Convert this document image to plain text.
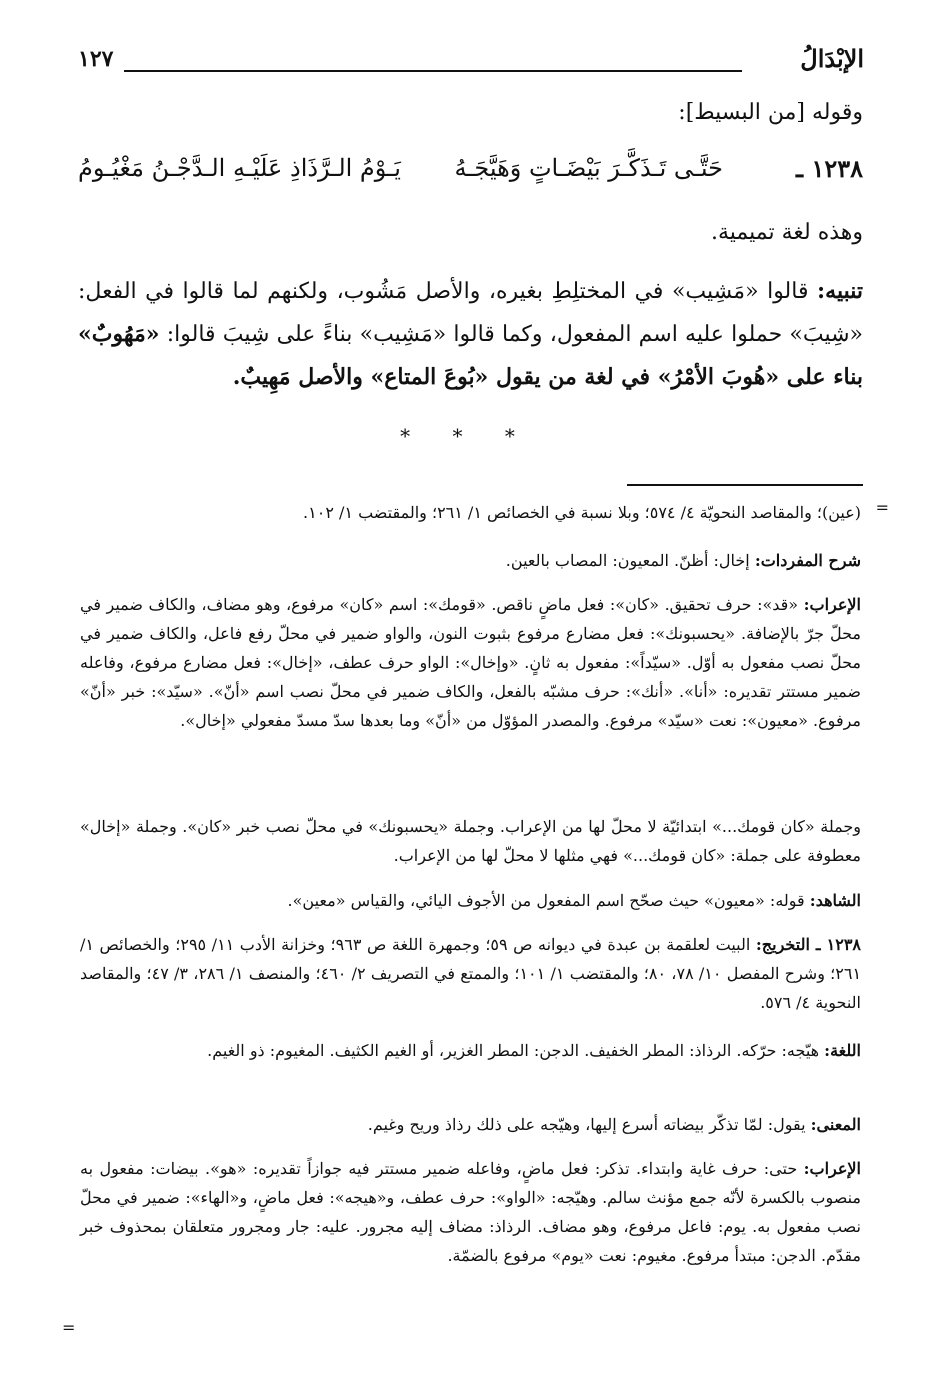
الإبْدَالُ
١٢٧
وقوله [من البسيط]:
١٢٣٨ ـ
حَتَّـى تَـذَكَّـرَ بَيْضَـاتٍ وَهَيَّجَـهُ
يَـوْمُ الـرَّذَاذِ عَلَيْـهِ الـدَّجْـنُ مَغْيُـومُ
وهذه لغة تميمية.
تنبيه: قالوا «مَشِيب» في المختلِطِ بغيره، والأصل مَشُوب، ولكنهم لما قالوا في الفعل: «شِيبَ» حملوا عليه اسم المفعول، وكما قالوا «مَشِيب» بناءً على شِيبَ قالوا: «مَهُوبٌ» بناء على «هُوبَ الأمْرُ» في لغة من يقول «بُوعَ المتاع» والأصل مَهِيبٌ.
* * *
=
(عين)؛ والمقاصد النحويّة ٤/ ٥٧٤؛ وبلا نسبة في الخصائص ١/ ٢٦١؛ والمقتضب ١/ ١٠٢.
شرح المفردات: إخال: أظنّ. المعيون: المصاب بالعين.
الإعراب: «قد»: حرف تحقيق. «كان»: فعل ماضٍ ناقص. «قومك»: اسم «كان» مرفوع، وهو مضاف، والكاف ضمير في محلّ جرّ بالإضافة. «يحسبونك»: فعل مضارع مرفوع بثبوت النون، والواو ضمير في محلّ رفع فاعل، والكاف ضمير في محلّ نصب مفعول به أوّل. «سيّداً»: مفعول به ثانٍ. «وإخال»: الواو حرف عطف، «إخال»: فعل مضارع مرفوع، وفاعله ضمير مستتر تقديره: «أنا». «أنك»: حرف مشبّه بالفعل، والكاف ضمير في محلّ نصب اسم «أنّ». «سيّد»: خبر «أنّ» مرفوع. «معيون»: نعت «سيّد» مرفوع. والمصدر المؤوّل من «أنّ» وما بعدها سدّ مسدّ مفعولي «إخال».
وجملة «كان قومك...» ابتدائيّة لا محلّ لها من الإعراب. وجملة «يحسبونك» في محلّ نصب خبر «كان». وجملة «إخال» معطوفة على جملة: «كان قومك...» فهي مثلها لا محلّ لها من الإعراب.
الشاهد: قوله: «معيون» حيث صحّح اسم المفعول من الأجوف اليائي، والقياس «معين».
١٢٣٨ ـ التخريج: البيت لعلقمة بن عبدة في ديوانه ص ٥٩؛ وجمهرة اللغة ص ٩٦٣؛ وخزانة الأدب ١١/ ٢٩٥؛ والخصائص ١/ ٢٦١؛ وشرح المفصل ١٠/ ٧٨، ٨٠؛ والمقتضب ١/ ١٠١؛ والممتع في التصريف ٢/ ٤٦٠؛ والمنصف ١/ ٢٨٦، ٣/ ٤٧؛ والمقاصد النحوية ٤/ ٥٧٦.
اللغة: هيّجه: حرّكه. الرذاذ: المطر الخفيف. الدجن: المطر الغزير، أو الغيم الكثيف. المغيوم: ذو الغيم.
المعنى: يقول: لمّا تذكّر بيضاته أسرع إليها، وهيّجه على ذلك رذاذ وريح وغيم.
الإعراب: حتى: حرف غاية وابتداء. تذكر: فعل ماضٍ، وفاعله ضمير مستتر فيه جوازاً تقديره: «هو». بيضات: مفعول به منصوب بالكسرة لأنّه جمع مؤنث سالم. وهيّجه: «الواو»: حرف عطف، و«هيجه»: فعل ماضٍ، و«الهاء»: ضمير في محلّ نصب مفعول به. يوم: فاعل مرفوع، وهو مضاف. الرذاذ: مضاف إليه مجرور. عليه: جار ومجرور متعلقان بمحذوف خبر مقدّم. الدجن: مبتدأ مرفوع. مغيوم: نعت «يوم» مرفوع بالضمّة.
=
